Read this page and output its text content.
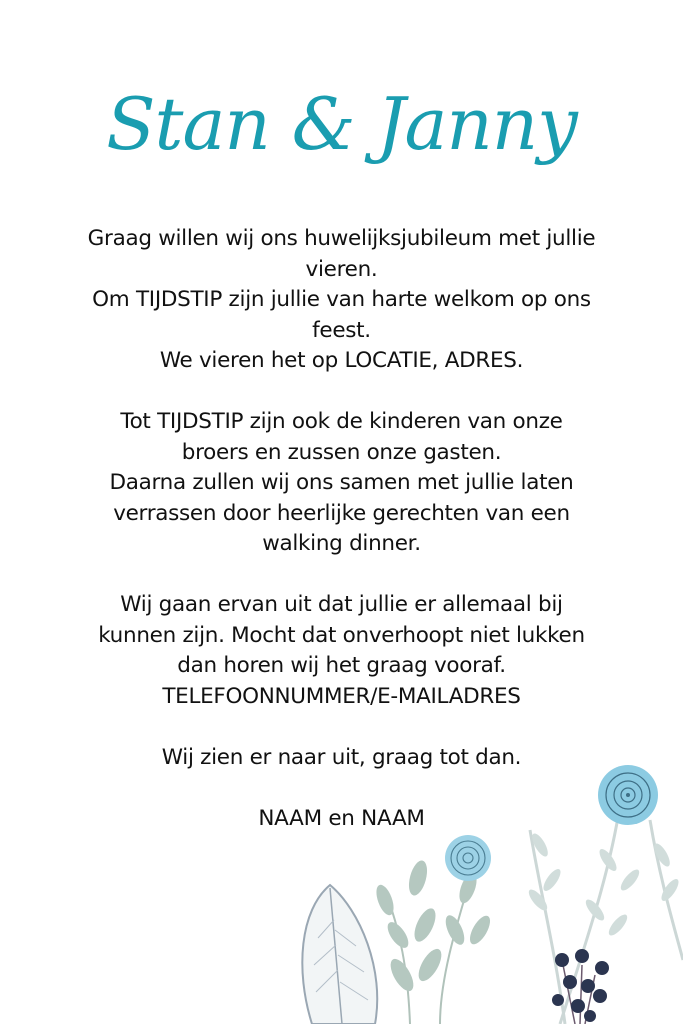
Stan & Janny
Graag willen wij ons huwelijksjubileum met jullie
vieren.
Om TIJDSTIP zijn jullie van harte welkom op ons
feest.
We vieren het op LOCATIE, ADRES.
Tot TIJDSTIP zijn ook de kinderen van onze
broers en zussen onze gasten.
Daarna zullen wij ons samen met jullie laten
verrassen door heerlijke gerechten van een
walking dinner.
Wij gaan ervan uit dat jullie er allemaal bij
kunnen zijn. Mocht dat onverhoopt niet lukken
dan horen wij het graag vooraf.
TELEFOONNUMMER/E-MAILADRES
Wij zien er naar uit, graag tot dan.
NAAM en NAAM
